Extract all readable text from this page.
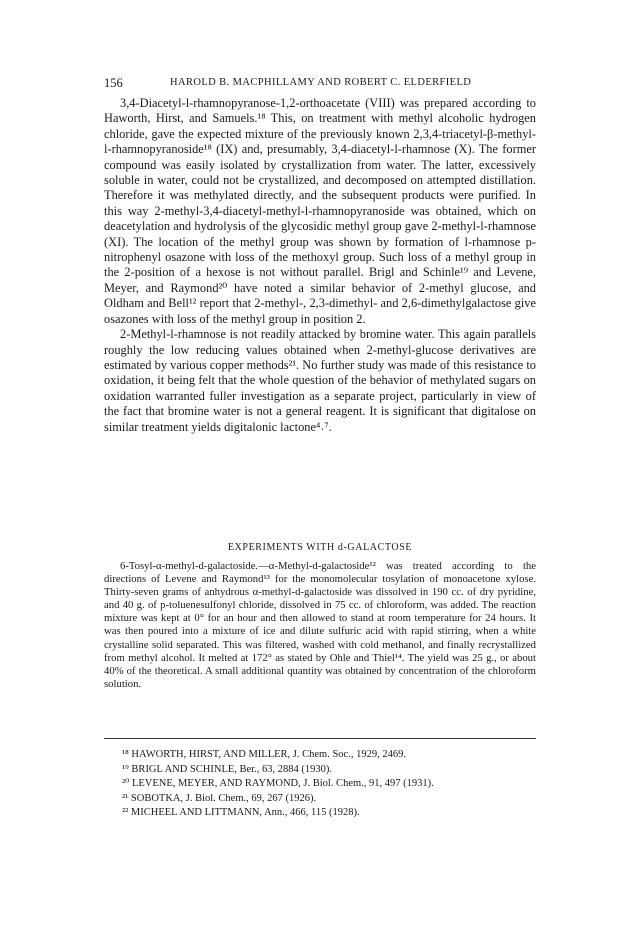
156	HAROLD B. MACPHILLAMY AND ROBERT C. ELDERFIELD

3,4-Diacetyl-l-rhamnopyranose-1,2-orthoacetate (VIII) was prepared according to Haworth, Hirst, and Samuels.¹⁸ This, on treatment with methyl alcoholic hydrogen chloride, gave the expected mixture of the previously known 2,3,4-triacetyl-β-methyl-l-rhamnopyranoside¹⁸ (IX) and, presumably, 3,4-diacetyl-l-rhamnose (X). The former compound was easily isolated by crystallization from water. The latter, excessively soluble in water, could not be crystallized, and decomposed on attempted distillation. Therefore it was methylated directly, and the subsequent products were purified. In this way 2-methyl-3,4-diacetyl-methyl-l-rhamnopyranoside was obtained, which on deacetylation and hydrolysis of the glycosidic methyl group gave 2-methyl-l-rhamnose (XI). The location of the methyl group was shown by formation of l-rhamnose p-nitrophenyl osazone with loss of the methoxyl group. Such loss of a methyl group in the 2-position of a hexose is not without parallel. Brigl and Schinle¹⁹ and Levene, Meyer, and Raymond²⁰ have noted a similar behavior of 2-methyl glucose, and Oldham and Bell¹² report that 2-methyl-, 2,3-dimethyl- and 2,6-dimethylgalactose give osazones with loss of the methyl group in position 2.

2-Methyl-l-rhamnose is not readily attacked by bromine water. This again parallels roughly the low reducing values obtained when 2-methyl-glucose derivatives are estimated by various copper methods²¹. No further study was made of this resistance to oxidation, it being felt that the whole question of the behavior of methylated sugars on oxidation warranted fuller investigation as a separate project, particularly in view of the fact that bromine water is not a general reagent. It is significant that digitalose on similar treatment yields digitalonic lactone⁴˒⁷.

EXPERIMENTS WITH d-GALACTOSE

6-Tosyl-α-methyl-d-galactoside.—α-Methyl-d-galactoside¹² was treated according to the directions of Levene and Raymond¹³ for the monomolecular tosylation of monoacetone xylose. Thirty-seven grams of anhydrous α-methyl-d-galactoside was dissolved in 190 cc. of dry pyridine, and 40 g. of p-toluenesulfonyl chloride, dissolved in 75 cc. of chloroform, was added. The reaction mixture was kept at 0° for an hour and then allowed to stand at room temperature for 24 hours. It was then poured into a mixture of ice and dilute sulfuric acid with rapid stirring, when a white crystalline solid separated. This was filtered, washed with cold methanol, and finally recrystallized from methyl alcohol. It melted at 172° as stated by Ohle and Thiel¹⁴. The yield was 25 g., or about 40% of the theoretical. A small additional quantity was obtained by concentration of the chloroform solution.

¹⁸ HAWORTH, HIRST, AND MILLER, J. Chem. Soc., 1929, 2469.
¹⁹ BRIGL AND SCHINLE, Ber., 63, 2884 (1930).
²⁰ LEVENE, MEYER, AND RAYMOND, J. Biol. Chem., 91, 497 (1931).
²¹ SOBOTKA, J. Biol. Chem., 69, 267 (1926).
²² MICHEEL AND LITTMANN, Ann., 466, 115 (1928).
